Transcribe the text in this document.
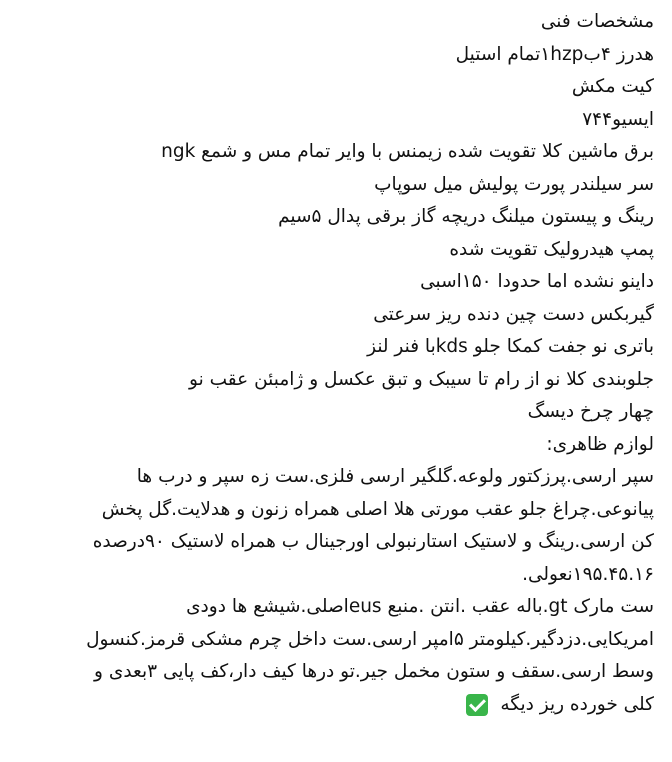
مشخصات فنی
هدرز ۴ب۱hzpتمام استیل
کیت مکش
ایسیو۷۴۴
برق ماشین کلا تقویت شده زیمنس با وایر تمام مس و شمع ngk
سر سیلندر پورت پولیش میل سوپاپ
رینگ و پیستون میلنگ دریچه گاز برقی پدال ۵سیم
پمپ هیدرولیک تقویت شده
داینو نشده اما حدودا ۱۵۰اسبی
گیربکس دست چین دنده ریز سرعتی
باتری نو جفت کمکا جلو kdsبا فنر لنز
جلوبندی کلا نو از رام تا سیبک و تبق عکسل و ژامبئن عقب نو
چهار چرخ دیسگ
لوازم ظاهری:
سپر ارسی.پرزکتور ولوعه.گلگیر ارسی فلزی.ست زه سپر و درب ها
پیانوعی.چراغ جلو عقب مورتی هلا اصلی همراه زنون و هدلایت.گل پخش
کن ارسی.رینگ و لاستیک استارنبولی اورجینال ب همراه لاستیک ۹۰درصده
۱۹۵.۴۵.۱۶نعولی.
ست مارک gt.باله عقب .انتن .منبع eusاصلی.شیشع ها دودی
امریکایی.دزدگیر.کیلومتر ۵امپر ارسی.ست داخل چرم مشکی قرمز.کنسول
وسط ارسی.سقف و ستون مخمل جیر.تو درها کیف دار،کف پایی ۳بعدی و
کلی خورده ریز دیگه
